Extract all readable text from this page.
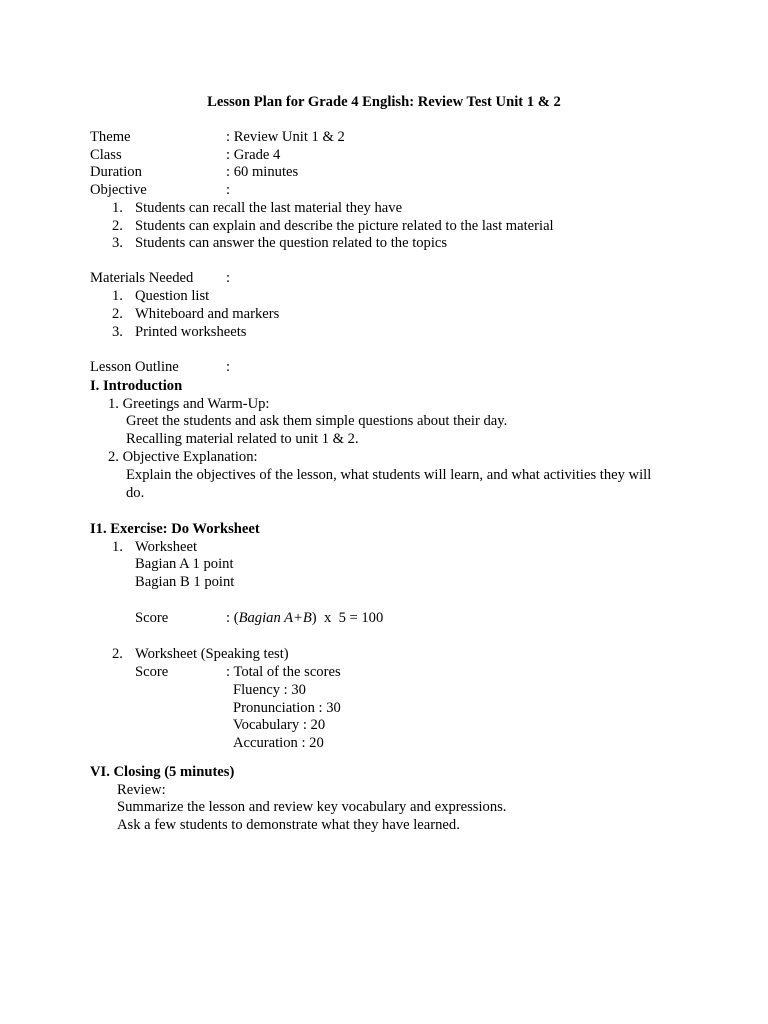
Lesson Plan for Grade 4 English: Review Test Unit 1 & 2
Theme	: Review Unit 1 & 2
Class	: Grade 4
Duration	: 60 minutes
Objective	:
1. Students can recall the last material they have
2. Students can explain and describe the picture related to the last material
3. Students can answer the question related to the topics
Materials Needed :
1. Question list
2. Whiteboard and markers
3. Printed worksheets
Lesson Outline	:
I. Introduction
1. Greetings and Warm-Up:
Greet the students and ask them simple questions about their day.
Recalling material related to unit 1 & 2.
2. Objective Explanation:
Explain the objectives of the lesson, what students will learn, and what activities they will
do.
I1. Exercise: Do Worksheet
1. Worksheet
Bagian A 1 point
Bagian B 1 point
Score	: (Bagian A+B)  x  5 = 100
2. Worksheet (Speaking test)
Score	: Total of the scores
Fluency : 30
Pronunciation : 30
Vocabulary : 20
Accuration : 20
VI. Closing (5 minutes)
Review:
Summarize the lesson and review key vocabulary and expressions.
Ask a few students to demonstrate what they have learned.
